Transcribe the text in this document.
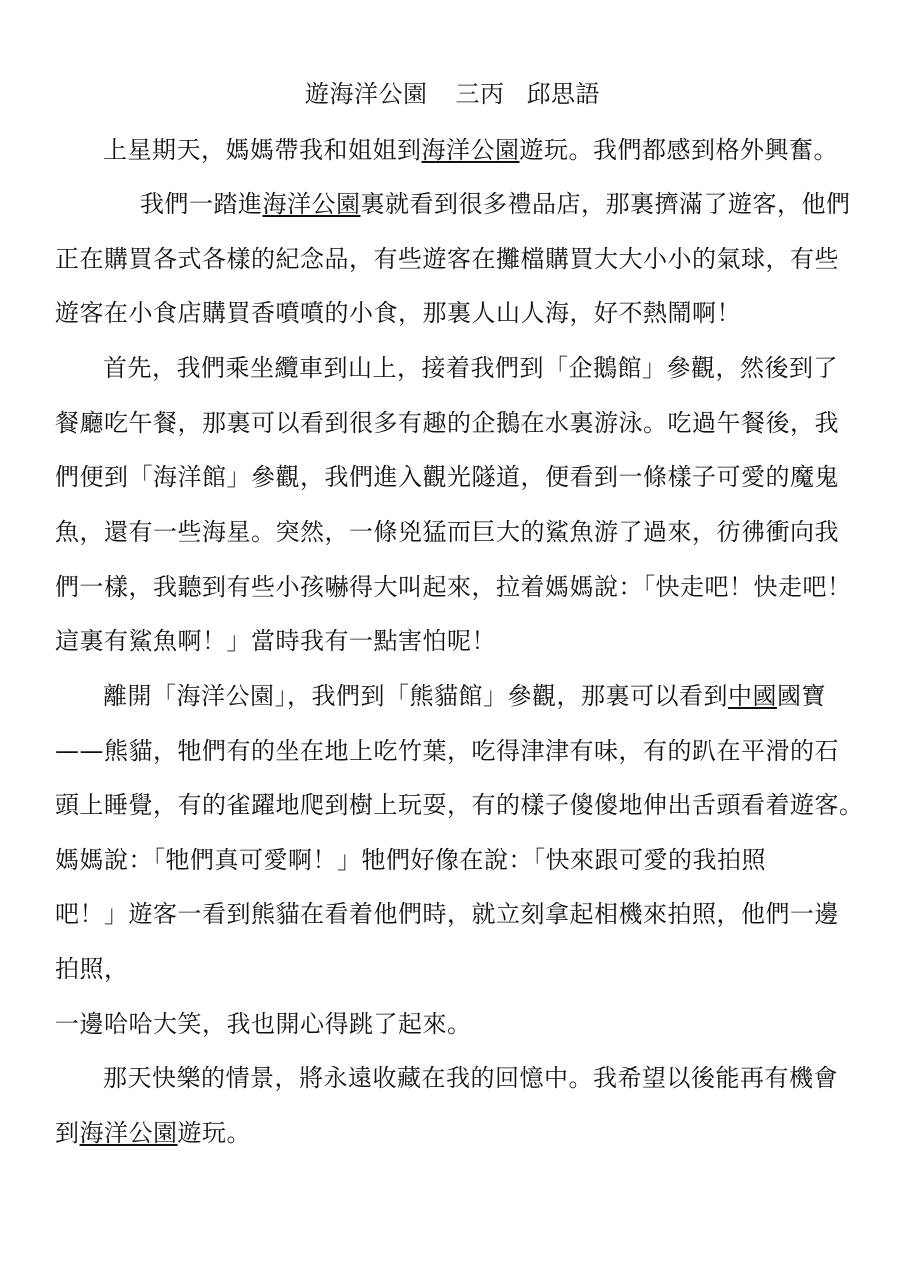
遊海洋公園 三丙 邱思語
上星期天，媽媽帶我和姐姐到海洋公園遊玩。我們都感到格外興奮。
我們一踏進海洋公園裏就看到很多禮品店，那裏擠滿了遊客，他們
正在購買各式各樣的紀念品，有些遊客在攤檔購買大大小小的氣球，有些
遊客在小食店購買香噴噴的小食，那裏人山人海，好不熱鬧啊！
首先，我們乘坐纜車到山上，接着我們到「企鵝館」參觀，然後到了
餐廳吃午餐，那裏可以看到很多有趣的企鵝在水裏游泳。吃過午餐後，我
們便到「海洋館」參觀，我們進入觀光隧道，便看到一條樣子可愛的魔鬼
魚，還有一些海星。突然，一條兇猛而巨大的鯊魚游了過來，彷彿衝向我
們一樣，我聽到有些小孩嚇得大叫起來，拉着媽媽說：「快走吧！快走吧！
這裏有鯊魚啊！」當時我有一點害怕呢！
離開「海洋公園」，我們到「熊貓館」參觀，那裏可以看到中國國寶
——熊貓，牠們有的坐在地上吃竹葉，吃得津津有味，有的趴在平滑的石
頭上睡覺，有的雀躍地爬到樹上玩耍，有的樣子傻傻地伸出舌頭看着遊客。
媽媽說：「牠們真可愛啊！」牠們好像在說：「快來跟可愛的我拍照
吧！」遊客一看到熊貓在看着他們時，就立刻拿起相機來拍照，他們一邊
拍照，
一邊哈哈大笑，我也開心得跳了起來。
那天快樂的情景，將永遠收藏在我的回憶中。我希望以後能再有機會
到海洋公園遊玩。
